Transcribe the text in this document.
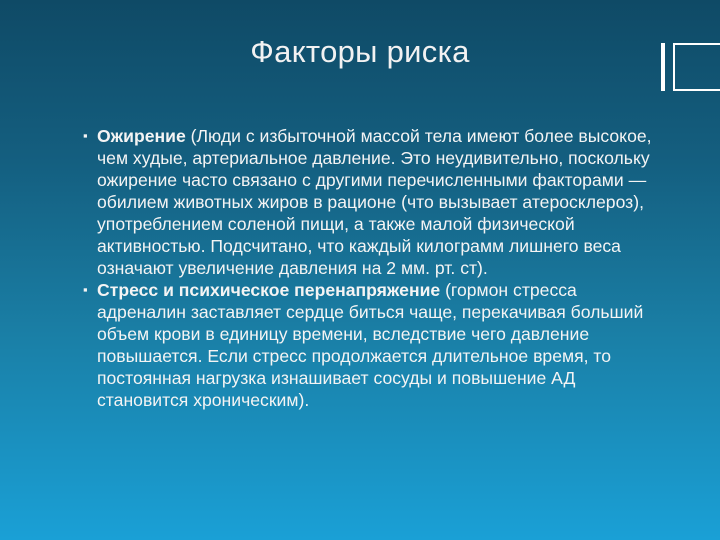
Факторы риска
▪
Ожирение (Люди с избыточной массой тела имеют более высокое, чем худые, артериальное давление. Это неудивительно, поскольку ожирение часто связано с другими перечисленными факторами — обилием животных жиров в рационе (что вызывает атеросклероз), употреблением соленой пищи, а также малой физической активностью. Подсчитано, что каждый килограмм лишнего веса означают увеличение давления на 2 мм. рт. ст).
▪
Стресс и психическое перенапряжение (гормон стресса адреналин заставляет сердце биться чаще, перекачивая больший объем крови в единицу времени, вследствие чего давление повышается. Если стресс продолжается длительное время, то постоянная нагрузка изнашивает сосуды и повышение АД становится хроническим).
